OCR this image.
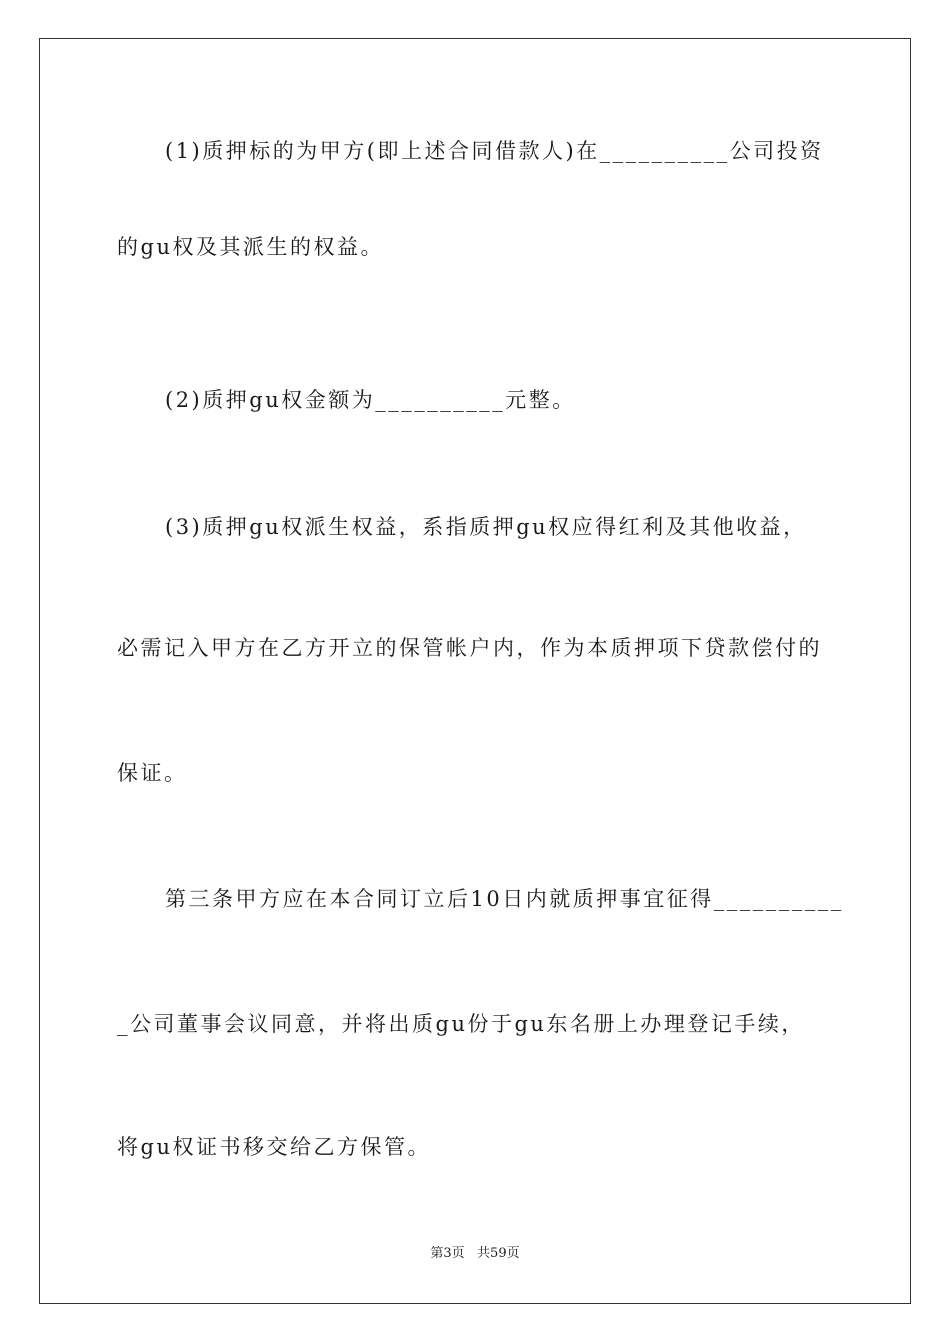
(1)质押标的为甲方(即上述合同借款人)在__________公司投资

的gu权及其派生的权益。

(2)质押gu权金额为__________元整。

(3)质押gu权派生权益，系指质押gu权应得红利及其他收益，

必需记入甲方在乙方开立的保管帐户内，作为本质押项下贷款偿付的

保证。

第三条甲方应在本合同订立后10日内就质押事宜征得__________

_公司董事会议同意，并将出质gu份于gu东名册上办理登记手续，

将gu权证书移交给乙方保管。

第3页   共59页
